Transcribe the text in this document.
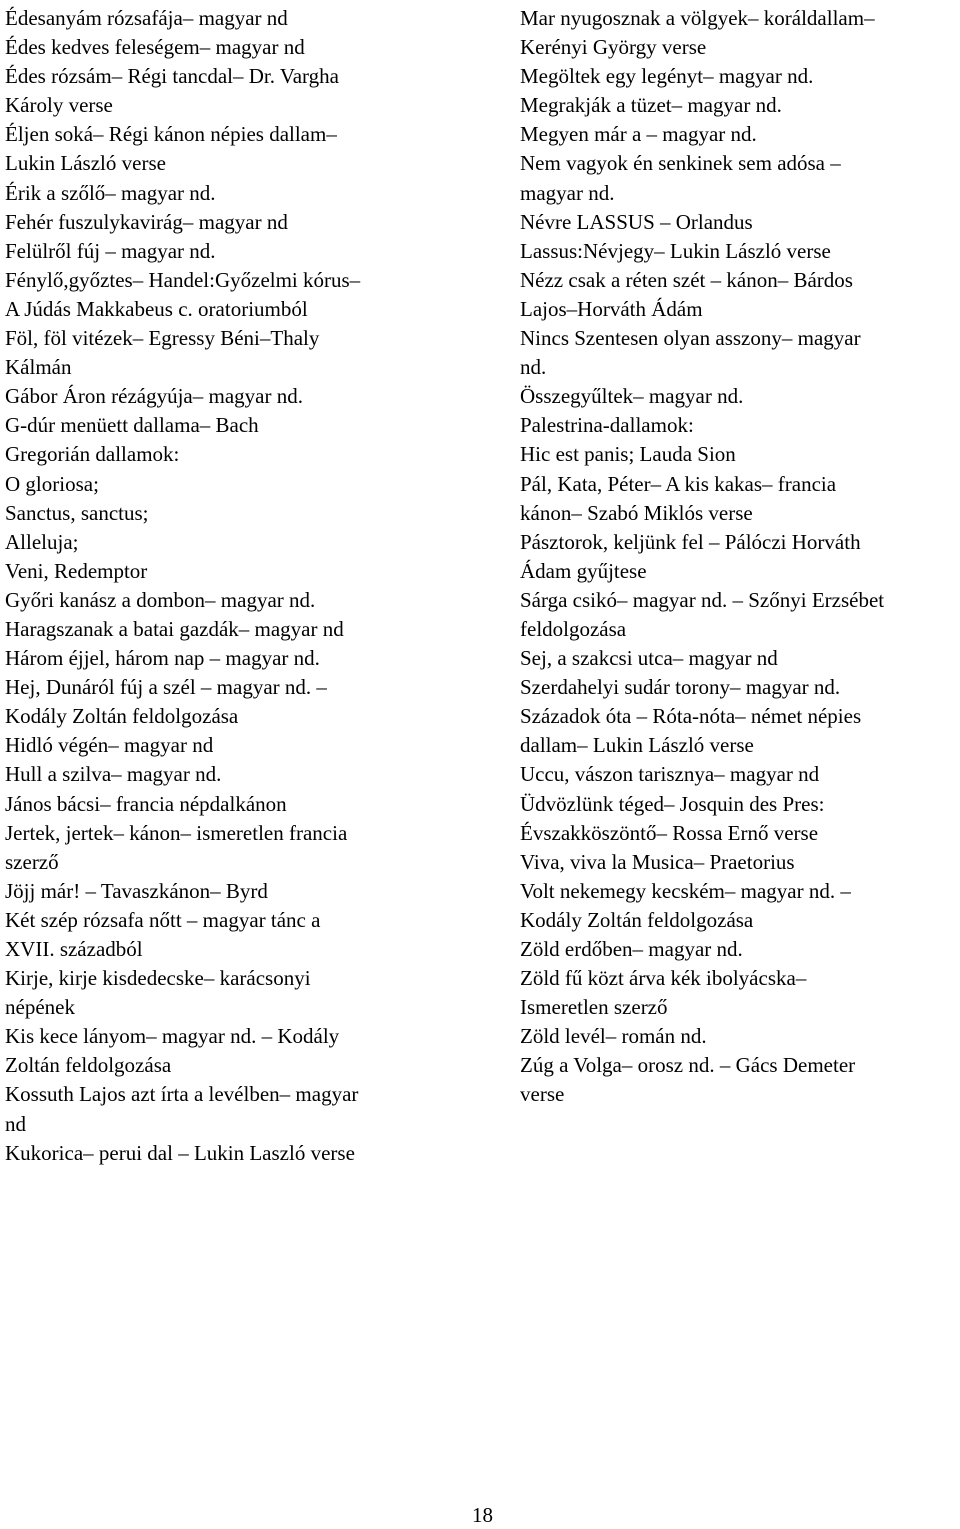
Édesanyám rózsafája– magyar nd
Édes kedves feleségem– magyar nd
Édes rózsám– Régi tancdal– Dr. Vargha
Károly verse
Éljen soká– Régi kánon népies dallam–
Lukin László verse
Érik a szőlő– magyar nd.
Fehér fuszulykavirág– magyar nd
Felülről fúj – magyar nd.
Fénylő,győztes– Handel:Győzelmi kórus–
A Júdás Makkabeus c. oratoriumból
Föl, föl vitézek– Egressy Béni–Thaly
Kálmán
Gábor Áron rézágyúja– magyar nd.
G-dúr menüett dallama– Bach
Gregorián dallamok:
O gloriosa;
Sanctus, sanctus;
Alleluja;
Veni, Redemptor
Győri kanász a dombon– magyar nd.
Haragszanak a batai gazdák– magyar nd
Három éjjel, három nap – magyar nd.
Hej, Dunáról fúj a szél – magyar nd. –
Kodály Zoltán feldolgozása
Hidló végén– magyar nd
Hull a szilva– magyar nd.
János bácsi– francia népdalkánon
Jertek, jertek– kánon– ismeretlen francia
szerző
Jöjj már! – Tavaszkánon– Byrd
Két szép rózsafa nőtt – magyar tánc a
XVII. századból
Kirje, kirje kisdedecske– karácsonyi
népének
Kis kece lányom– magyar nd. – Kodály
Zoltán feldolgozása
Kossuth Lajos azt írta a levélben– magyar
nd
Kukorica– perui dal – Lukin Laszló verse
Mar nyugosznak a völgyek– koráldallam–
Kerényi György verse
Megöltek egy legényt– magyar nd.
Megrakják a tüzet– magyar nd.
Megyen már a – magyar nd.
Nem vagyok én senkinek sem adósa –
magyar nd.
Névre LASSUS – Orlandus
Lassus:Névjegy– Lukin László verse
Nézz csak a réten szét – kánon– Bárdos
Lajos–Horváth Ádám
Nincs Szentesen olyan asszony– magyar
nd.
Összegyűltek– magyar nd.
Palestrina-dallamok:
Hic est panis; Lauda Sion
Pál, Kata, Péter– A kis kakas– francia
kánon– Szabó Miklós verse
Pásztorok, keljünk fel – Pálóczi Horváth
Ádam gyűjtese
Sárga csikó– magyar nd. – Szőnyi Erzsébet
feldolgozása
Sej, a szakcsi utca– magyar nd
Szerdahelyi sudár torony– magyar nd.
Századok óta – Róta-nóta– német népies
dallam– Lukin László verse
Uccu, vászon tarisznya– magyar nd
Üdvözlünk téged– Josquin des Pres:
Évszakköszöntő– Rossa Ernő verse
Viva, viva la Musica– Praetorius
Volt nekemegy kecském– magyar nd. –
Kodály Zoltán feldolgozása
Zöld erdőben– magyar nd.
Zöld fű közt árva kék ibolyácska–
Ismeretlen szerző
Zöld levél– román nd.
Zúg a Volga– orosz nd. – Gács Demeter
verse
18
